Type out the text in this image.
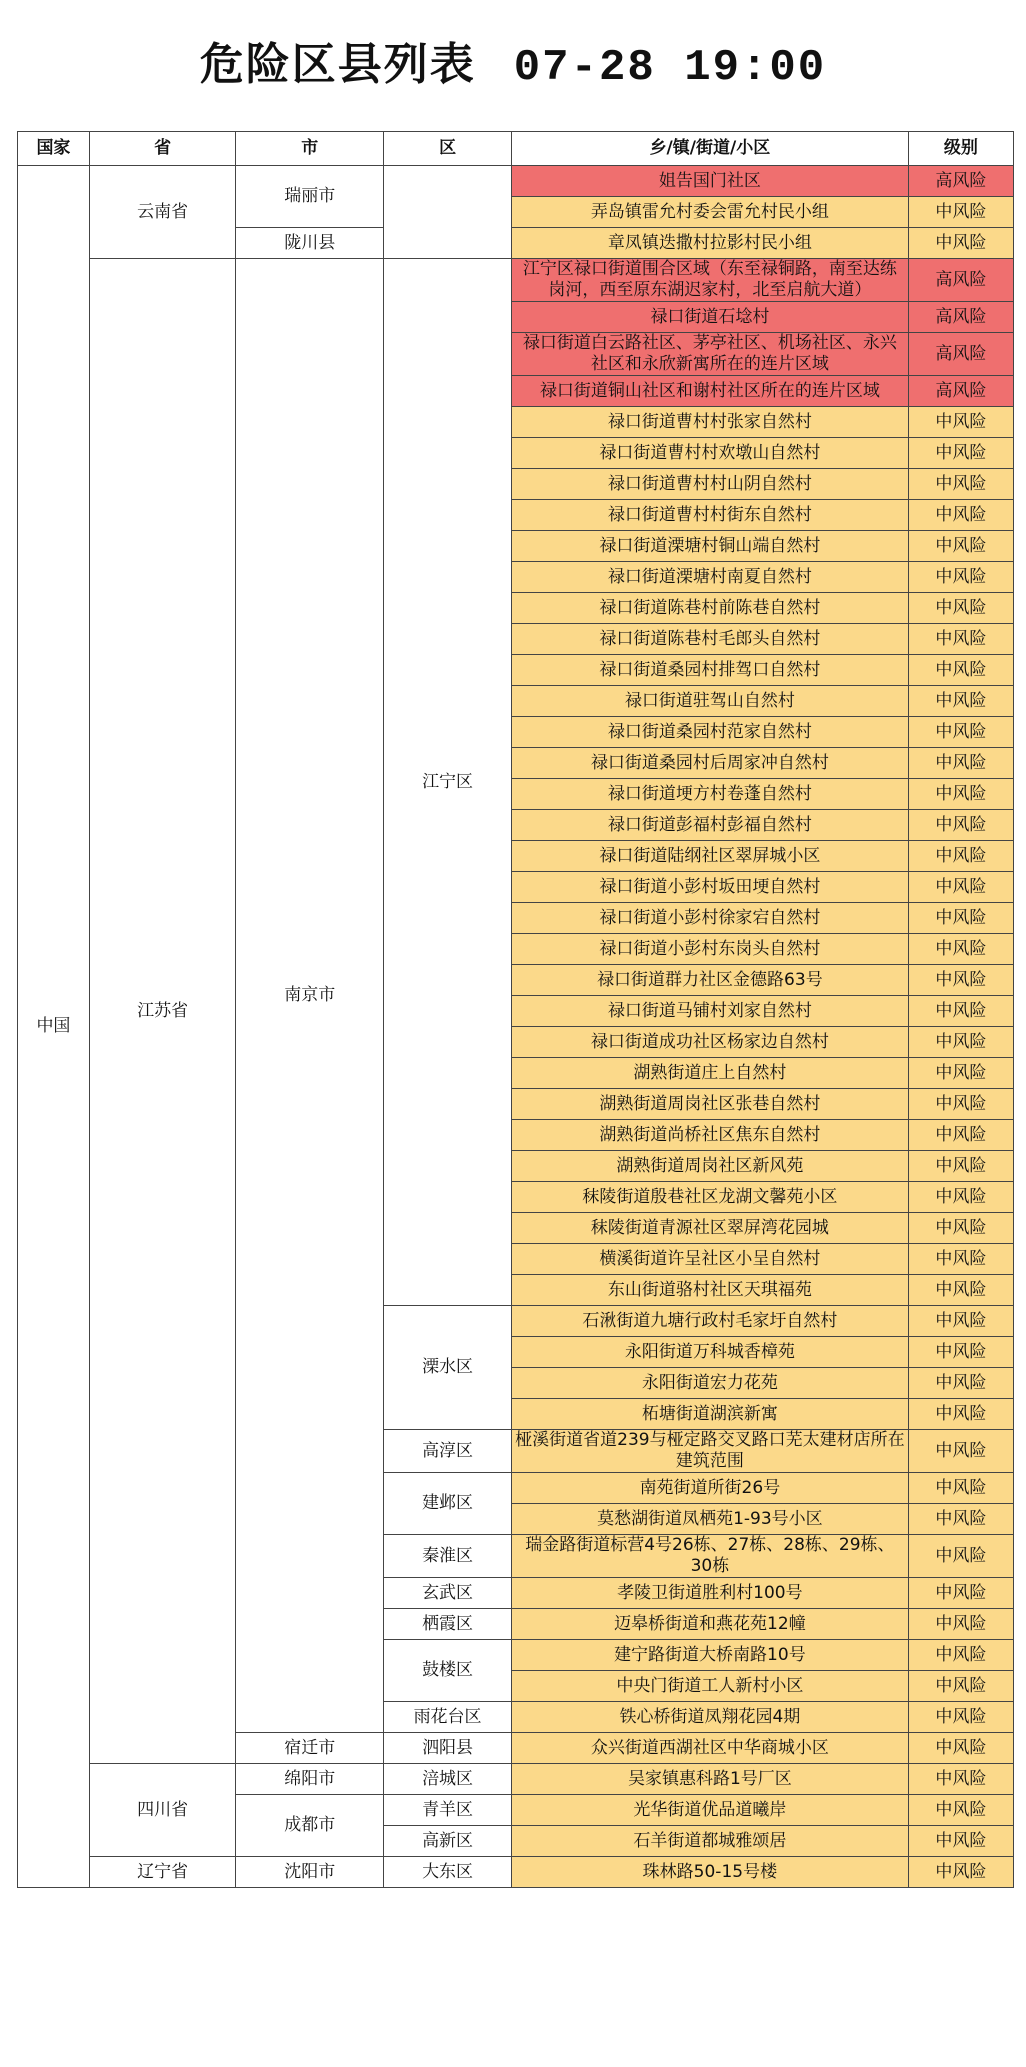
危险区县列表 07-28 19:00
国家	省	市	区	乡/镇/街道/小区	级别
中国	云南省	瑞丽市		姐告国门社区	高风险
				弄岛镇雷允村委会雷允村民小组	中风险
		陇川县		章凤镇迭撒村拉影村民小组	中风险
	江苏省	南京市	江宁区	江宁区禄口街道围合区域（东至禄铜路，南至达练岗河，西至原东湖迟家村，北至启航大道）	高风险
				禄口街道石埝村	高风险
				禄口街道白云路社区、茅亭社区、机场社区、永兴社区和永欣新寓所在的连片区域	高风险
				禄口街道铜山社区和谢村社区所在的连片区域	高风险
				禄口街道曹村村张家自然村	中风险
				禄口街道曹村村欢墩山自然村	中风险
				禄口街道曹村村山阴自然村	中风险
				禄口街道曹村村街东自然村	中风险
				禄口街道溧塘村铜山端自然村	中风险
				禄口街道溧塘村南夏自然村	中风险
				禄口街道陈巷村前陈巷自然村	中风险
				禄口街道陈巷村毛郎头自然村	中风险
				禄口街道桑园村排驾口自然村	中风险
				禄口街道驻驾山自然村	中风险
				禄口街道桑园村范家自然村	中风险
				禄口街道桑园村后周家冲自然村	中风险
				禄口街道埂方村卷蓬自然村	中风险
				禄口街道彭福村彭福自然村	中风险
				禄口街道陆纲社区翠屏城小区	中风险
				禄口街道小彭村坂田埂自然村	中风险
				禄口街道小彭村徐家宕自然村	中风险
				禄口街道小彭村东岗头自然村	中风险
				禄口街道群力社区金德路63号	中风险
				禄口街道马铺村刘家自然村	中风险
				禄口街道成功社区杨家边自然村	中风险
				湖熟街道庄上自然村	中风险
				湖熟街道周岗社区张巷自然村	中风险
				湖熟街道尚桥社区焦东自然村	中风险
				湖熟街道周岗社区新风苑	中风险
				秣陵街道殷巷社区龙湖文馨苑小区	中风险
				秣陵街道青源社区翠屏湾花园城	中风险
				横溪街道许呈社区小呈自然村	中风险
				东山街道骆村社区天琪福苑	中风险
			溧水区	石湫街道九塘行政村毛家圩自然村	中风险
				永阳街道万科城香樟苑	中风险
				永阳街道宏力花苑	中风险
				柘塘街道湖滨新寓	中风险
			高淳区	桠溪街道省道239与桠定路交叉路口芜太建材店所在建筑范围	中风险
			建邺区	南苑街道所街26号	中风险
				莫愁湖街道凤栖苑1-93号小区	中风险
			秦淮区	瑞金路街道标营4号26栋、27栋、28栋、29栋、30栋	中风险
			玄武区	孝陵卫街道胜利村100号	中风险
			栖霞区	迈皋桥街道和燕花苑12幢	中风险
			鼓楼区	建宁路街道大桥南路10号	中风险
				中央门街道工人新村小区	中风险
			雨花台区	铁心桥街道凤翔花园4期	中风险
		宿迁市	泗阳县	众兴街道西湖社区中华商城小区	中风险
	四川省	绵阳市	涪城区	吴家镇惠科路1号厂区	中风险
		成都市	青羊区	光华街道优品道曦岸	中风险
			高新区	石羊街道都城雅颂居	中风险
	辽宁省	沈阳市	大东区	珠林路50-15号楼	中风险
